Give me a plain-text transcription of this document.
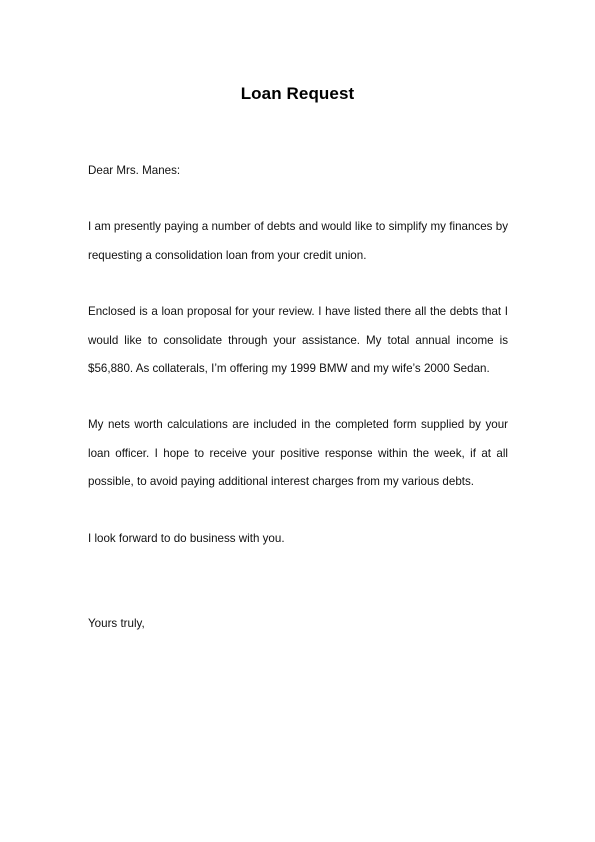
Loan Request

Dear Mrs. Manes:

I am presently paying a number of debts and would like to simplify my finances by requesting a consolidation loan from your credit union.

Enclosed is a loan proposal for your review. I have listed there all the debts that I would like to consolidate through your assistance. My total annual income is $56,880. As collaterals, I’m offering my 1999 BMW and my wife’s 2000 Sedan.

My nets worth calculations are included in the completed form supplied by your loan officer. I hope to receive your positive response within the week, if at all possible, to avoid paying additional interest charges from my various debts.

I look forward to do business with you.

Yours truly,
